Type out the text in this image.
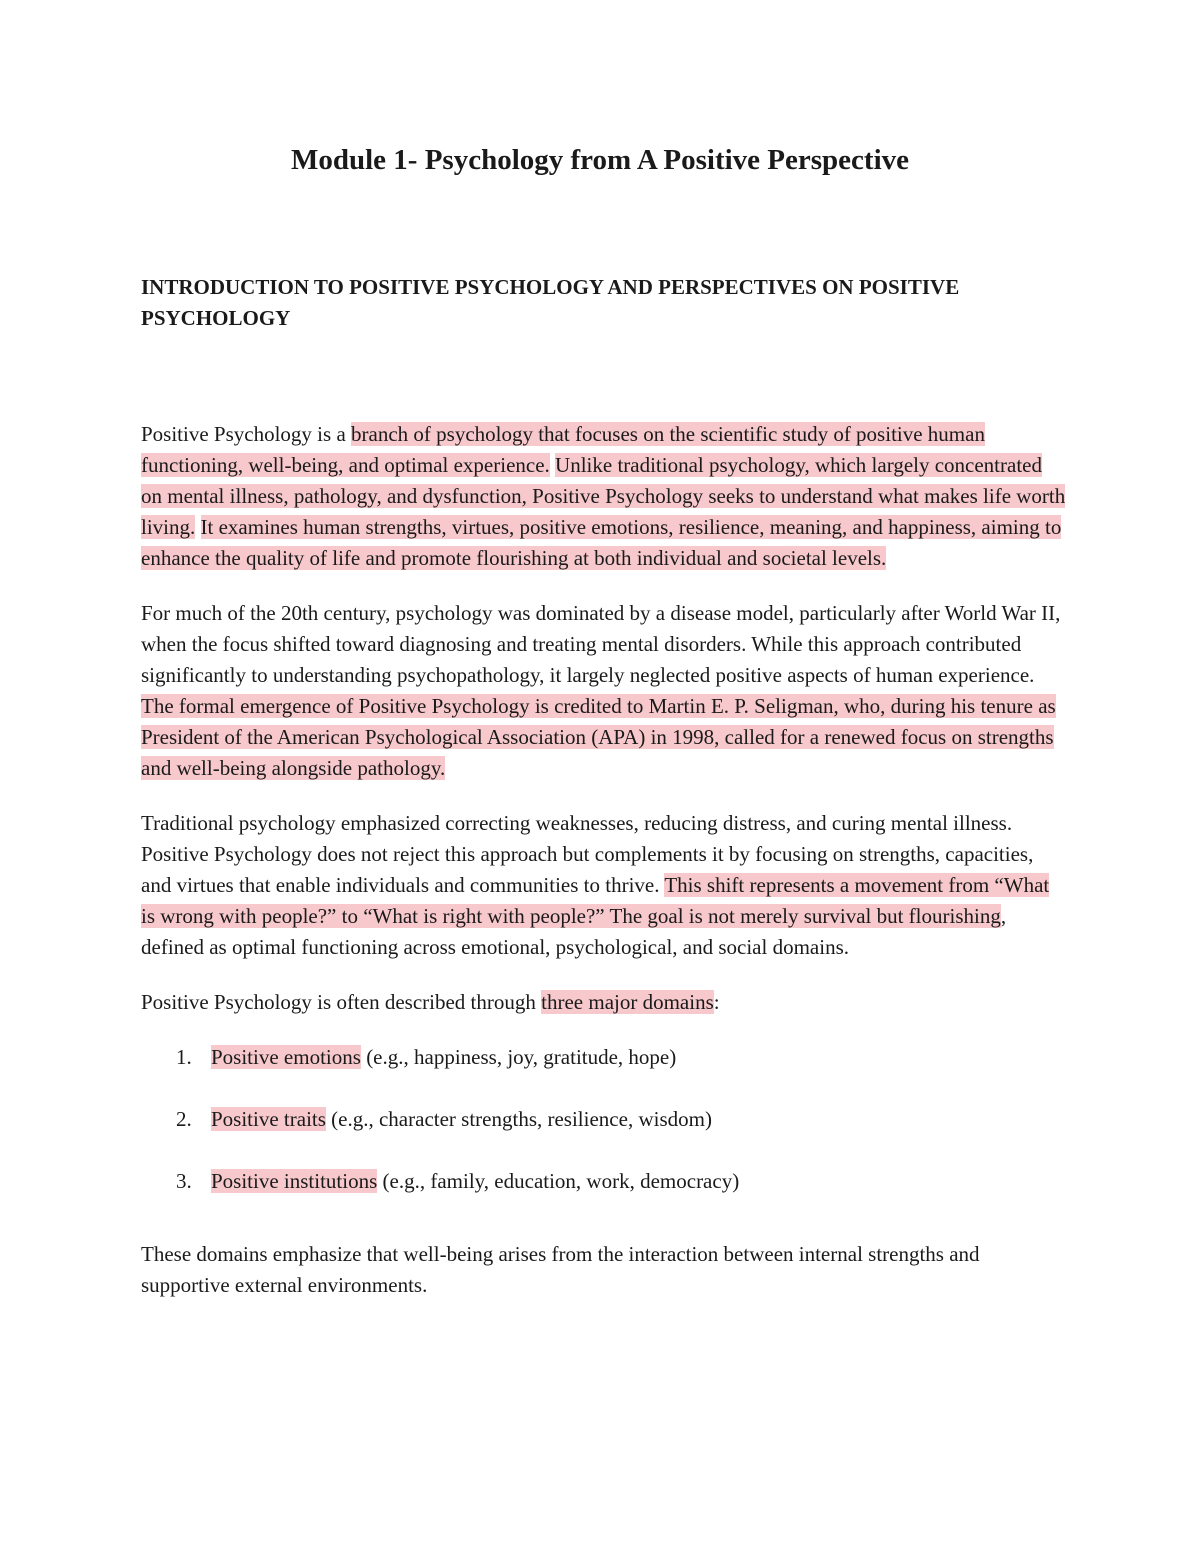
Module 1- Psychology from A Positive Perspective
INTRODUCTION TO POSITIVE PSYCHOLOGY AND PERSPECTIVES ON POSITIVE PSYCHOLOGY

Positive Psychology is a branch of psychology that focuses on the scientific study of positive human functioning, well-being, and optimal experience. Unlike traditional psychology, which largely concentrated on mental illness, pathology, and dysfunction, Positive Psychology seeks to understand what makes life worth living. It examines human strengths, virtues, positive emotions, resilience, meaning, and happiness, aiming to enhance the quality of life and promote flourishing at both individual and societal levels.

For much of the 20th century, psychology was dominated by a disease model, particularly after World War II, when the focus shifted toward diagnosing and treating mental disorders. While this approach contributed significantly to understanding psychopathology, it largely neglected positive aspects of human experience. The formal emergence of Positive Psychology is credited to Martin E. P. Seligman, who, during his tenure as President of the American Psychological Association (APA) in 1998, called for a renewed focus on strengths and well-being alongside pathology.

Traditional psychology emphasized correcting weaknesses, reducing distress, and curing mental illness. Positive Psychology does not reject this approach but complements it by focusing on strengths, capacities, and virtues that enable individuals and communities to thrive. This shift represents a movement from “What is wrong with people?” to “What is right with people?” The goal is not merely survival but flourishing, defined as optimal functioning across emotional, psychological, and social domains.

Positive Psychology is often described through three major domains:

1. Positive emotions (e.g., happiness, joy, gratitude, hope)
2. Positive traits (e.g., character strengths, resilience, wisdom)
3. Positive institutions (e.g., family, education, work, democracy)

These domains emphasize that well-being arises from the interaction between internal strengths and supportive external environments.
